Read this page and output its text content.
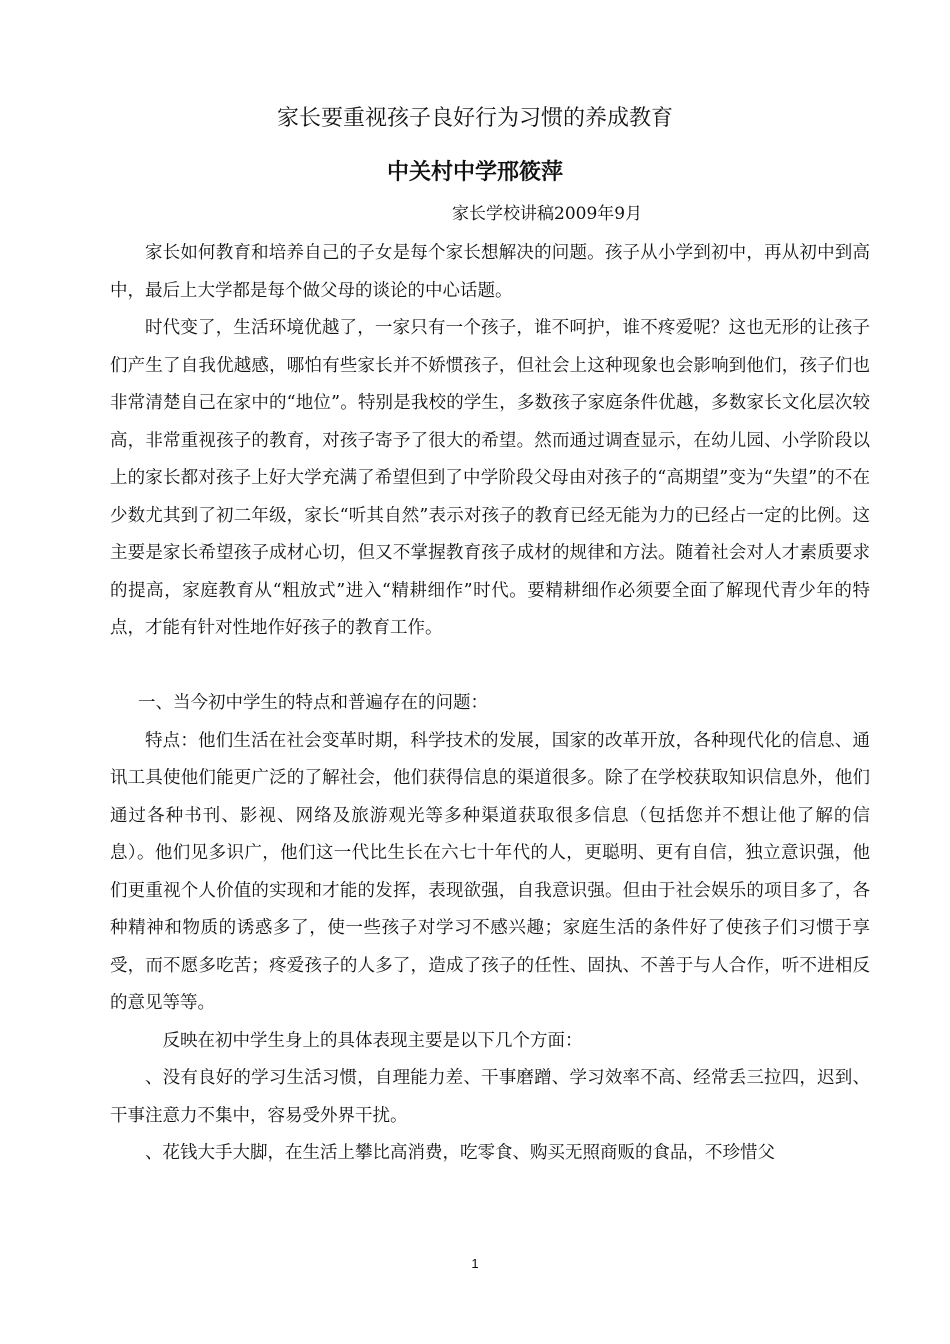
家长要重视孩子良好行为习惯的养成教育
中关村中学邢筱萍
家长学校讲稿2009年9月

家长如何教育和培养自己的子女是每个家长想解决的问题。孩子从小学到初中，再从初中到高中，最后上大学都是每个做父母的谈论的中心话题。

时代变了，生活环境优越了，一家只有一个孩子，谁不呵护，谁不疼爱呢？这也无形的让孩子们产生了自我优越感，哪怕有些家长并不娇惯孩子，但社会上这种现象也会影响到他们，孩子们也非常清楚自己在家中的“地位”。特别是我校的学生，多数孩子家庭条件优越，多数家长文化层次较高，非常重视孩子的教育，对孩子寄予了很大的希望。然而通过调查显示，在幼儿园、小学阶段以上的家长都对孩子上好大学充满了希望但到了中学阶段父母由对孩子的“高期望”变为“失望”的不在少数尤其到了初二年级，家长“听其自然”表示对孩子的教育已经无能为力的已经占一定的比例。这主要是家长希望孩子成材心切，但又不掌握教育孩子成材的规律和方法。随着社会对人才素质要求的提高，家庭教育从“粗放式”进入“精耕细作”时代。要精耕细作必须要全面了解现代青少年的特点，才能有针对性地作好孩子的教育工作。

一、当今初中学生的特点和普遍存在的问题：

特点：他们生活在社会变革时期，科学技术的发展，国家的改革开放，各种现代化的信息、通讯工具使他们能更广泛的了解社会，他们获得信息的渠道很多。除了在学校获取知识信息外，他们通过各种书刊、影视、网络及旅游观光等多种渠道获取很多信息（包括您并不想让他了解的信息）。他们见多识广，他们这一代比生长在六七十年代的人，更聪明、更有自信，独立意识强，他们更重视个人价值的实现和才能的发挥，表现欲强，自我意识强。但由于社会娱乐的项目多了，各种精神和物质的诱惑多了，使一些孩子对学习不感兴趣；家庭生活的条件好了使孩子们习惯于享受，而不愿多吃苦；疼爱孩子的人多了，造成了孩子的任性、固执、不善于与人合作，听不进相反的意见等等。

反映在初中学生身上的具体表现主要是以下几个方面：

、没有良好的学习生活习惯，自理能力差、干事磨蹭、学习效率不高、经常丢三拉四，迟到、干事注意力不集中，容易受外界干扰。

、花钱大手大脚，在生活上攀比高消费，吃零食、购买无照商贩的食品，不珍惜父

1
